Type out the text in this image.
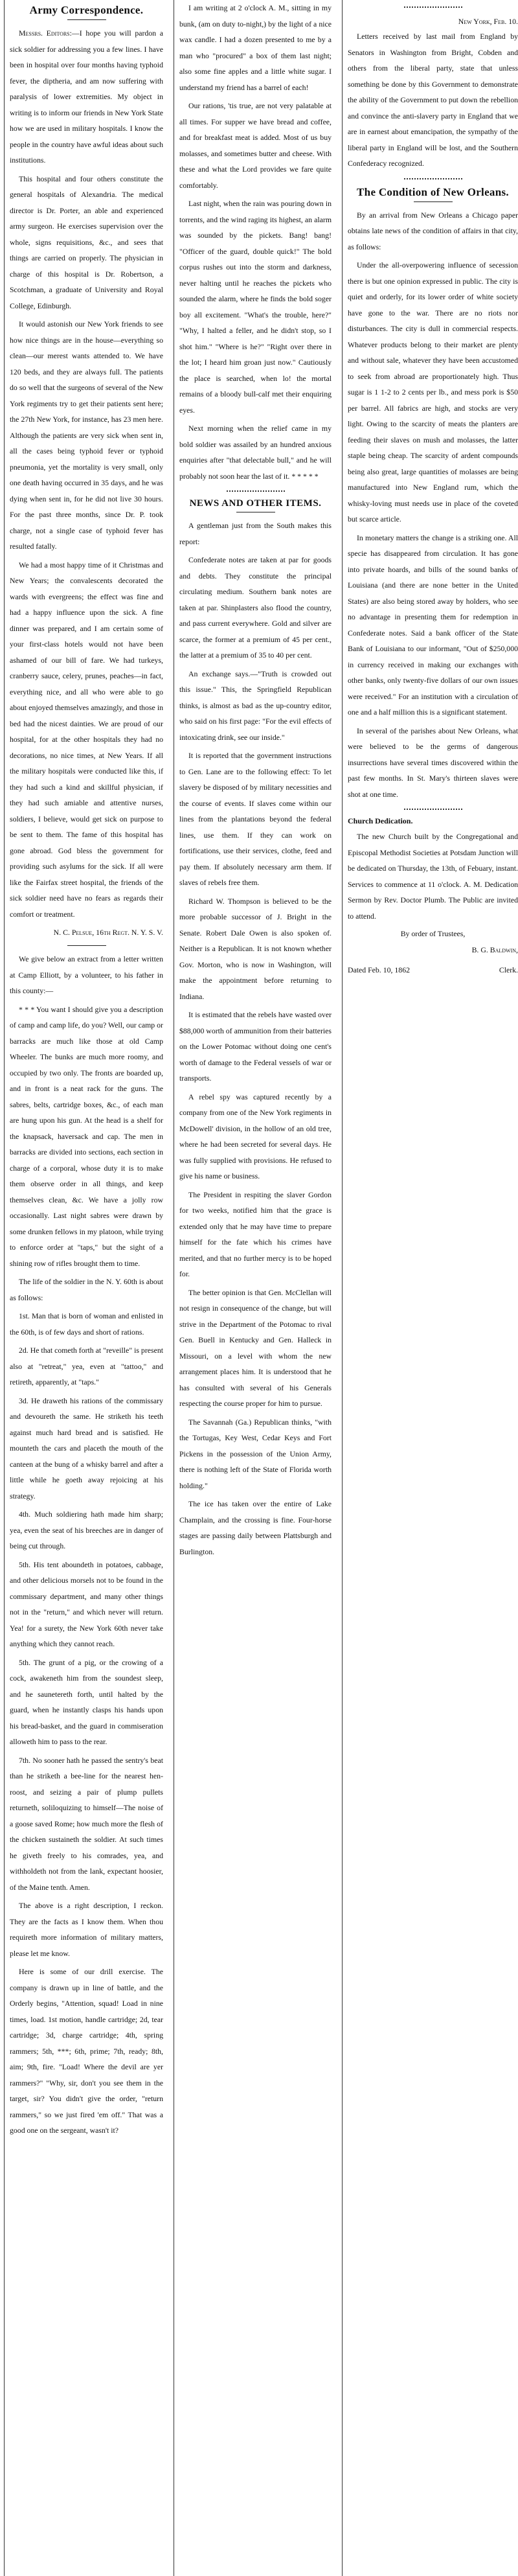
Army Correspondence.

Messrs. Editors:—I hope you will pardon a sick soldier for addressing you a few lines. I have been in hospital over four months having typhoid fever, the diptheria, and am now suffering with paralysis of lower extremities. My object in writing is to inform our friends in New York State how we are used in military hospitals. I know the people in the country have awful ideas about such institutions.

This hospital and four others constitute the general hospitals of Alexandria. The medical director is Dr. Porter, an able and experienced army surgeon. He exercises supervision over the whole, signs requisitions, &c., and sees that things are carried on properly. The physician in charge of this hospital is Dr. Robertson, a Scotchman, a graduate of University and Royal College, Edinburgh.

It would astonish our New York friends to see how nice things are in the house—everything so clean—our merest wants attended to. We have 120 beds, and they are always full. The patients do so well that the surgeons of several of the New York regiments try to get their patients sent here; the 27th New York, for instance, has 23 men here. Although the patients are very sick when sent in, all the cases being typhoid fever or typhoid pneumonia, yet the mortality is very small, only one death having occurred in 35 days, and he was dying when sent in, for he did not live 30 hours. For the past three months, since Dr. P. took charge, not a single case of typhoid fever has resulted fatally.

We had a most happy time of it Christmas and New Years; the convalescents decorated the wards with evergreens; the effect was fine and had a happy influence upon the sick. A fine dinner was prepared, and I am certain some of your first-class hotels would not have been ashamed of our bill of fare. We had turkeys, cranberry sauce, celery, prunes, peaches—in fact, everything nice, and all who were able to go about enjoyed themselves amazingly, and those in bed had the nicest dainties. We are proud of our hospital, for at the other hospitals they had no decorations, no nice times, at New Years. If all the military hospitals were conducted like this, if they had such a kind and skillful physician, if they had such amiable and attentive nurses, soldiers, I believe, would get sick on purpose to be sent to them. The fame of this hospital has gone abroad. God bless the government for providing such asylums for the sick. If all were like the Fairfax street hospital, the friends of the sick soldier need have no fears as regards their comfort or treatment.

N. C. Pelsue, 16th Regt. N. Y. S. V.

We give below an extract from a letter written at Camp Elliott, by a volunteer, to his father in this county:—

* * * You want I should give you a description of camp and camp life, do you? Well, our camp or barracks are much like those at old Camp Wheeler. The bunks are much more roomy, and occupied by two only. The fronts are boarded up, and in front is a neat rack for the guns. The sabres, belts, cartridge boxes, &c., of each man are hung upon his gun. At the head is a shelf for the knapsack, haversack and cap. The men in barracks are divided into sections, each section in charge of a corporal, whose duty it is to make them observe order in all things, and keep themselves clean, &c. We have a jolly row occasionally. Last night sabres were drawn by some drunken fellows in my platoon, while trying to enforce order at "taps," but the sight of a shining row of rifles brought them to time.

The life of the soldier in the N. Y. 60th is about as follows:

1st. Man that is born of woman and enlisted in the 60th, is of few days and short of rations.

2d. He that cometh forth at "reveille" is present also at "retreat," yea, even at "tattoo," and retireth, apparently, at "taps."

3d. He draweth his rations of the commissary and devoureth the same. He striketh his teeth against much hard bread and is satisfied. He mounteth the cars and placeth the mouth of the canteen at the bung of a whisky barrel and after a little while he goeth away rejoicing at his strategy.

4th. Much soldiering hath made him sharp; yea, even the seat of his breeches are in danger of being cut through.

5th. His tent aboundeth in potatoes, cabbage, and other delicious morsels not to be found in the commissary department, and many other things not in the "return," and which never will return. Yea! for a surety, the New York 60th never take anything which they cannot reach.

5th. The grunt of a pig, or the crowing of a cock, awakeneth him from the soundest sleep, and he saunetereth forth, until halted by the guard, when he instantly clasps his hands upon his bread-basket, and the guard in commiseration alloweth him to pass to the rear.

7th. No sooner hath he passed the sentry's beat than he striketh a bee-line for the nearest hen-roost, and seizing a pair of plump pullets returneth, soliloquizing to himself—The noise of a goose saved Rome; how much more the flesh of the chicken sustaineth the soldier. At such times he giveth freely to his comrades, yea, and withholdeth not from the lank, expectant hoosier, of the Maine tenth. Amen.

The above is a right description, I reckon. They are the facts as I know them. When thou requireth more information of military matters, please let me know.

Here is some of our drill exercise. The company is drawn up in line of battle, and the Orderly begins, "Attention, squad! Load in nine times, load. 1st motion, handle cartridge; 2d, tear cartridge; 3d, charge cartridge; 4th, spring rammers; 5th, ***; 6th, prime; 7th, ready; 8th, aim; 9th, fire. "Load! Where the devil are yer rammers?" "Why, sir, don't you see them in the target, sir? You didn't give the order, "return rammers," so we just fired 'em off." That was a good one on the sergeant, wasn't it?

I am writing at 2 o'clock A. M., sitting in my bunk, (am on duty to-night,) by the light of a nice wax candle. I had a dozen presented to me by a man who "procured" a box of them last night; also some fine apples and a little white sugar. I understand my friend has a barrel of each!

Our rations, 'tis true, are not very palatable at all times. For supper we have bread and coffee, and for breakfast meat is added. Most of us buy molasses, and sometimes butter and cheese. With these and what the Lord provides we fare quite comfortably.

Last night, when the rain was pouring down in torrents, and the wind raging its highest, an alarm was sounded by the pickets. Bang! bang! "Officer of the guard, double quick!" The bold corpus rushes out into the storm and darkness, never halting until he reaches the pickets who sounded the alarm, where he finds the bold soger boy all excitement. "What's the trouble, here?" "Why, I halted a feller, and he didn't stop, so I shot him." "Where is he?" "Right over there in the lot; I heard him groan just now." Cautiously the place is searched, when lo! the mortal remains of a bloody bull-calf met their enquiring eyes.

Next morning when the relief came in my bold soldier was assailed by an hundred anxious enquiries after "that delectable bull," and he will probably not soon hear the last of it. * * * * *

NEWS AND OTHER ITEMS.

A gentleman just from the South makes this report:

Confederate notes are taken at par for goods and debts. They constitute the principal circulating medium. Southern bank notes are taken at par. Shinplasters also flood the country, and pass current everywhere. Gold and silver are scarce, the former at a premium of 45 per cent., the latter at a premium of 35 to 40 per cent.

An exchange says.—"Truth is crowded out this issue." This, the Springfield Republican thinks, is almost as bad as the up-country editor, who said on his first page: "For the evil effects of intoxicating drink, see our inside."

It is reported that the government instructions to Gen. Lane are to the following effect: To let slavery be disposed of by military necessities and the course of events. If slaves come within our lines from the plantations beyond the federal lines, use them. If they can work on fortifications, use their services, clothe, feed and pay them. If absolutely necessary arm them. If slaves of rebels free them.

Richard W. Thompson is believed to be the more probable successor of J. Bright in the Senate. Robert Dale Owen is also spoken of. Neither is a Republican. It is not known whether Gov. Morton, who is now in Washington, will make the appointment before returning to Indiana.

It is estimated that the rebels have wasted over $88,000 worth of ammunition from their batteries on the Lower Potomac without doing one cent's worth of damage to the Federal vessels of war or transports.

A rebel spy was captured recently by a company from one of the New York regiments in McDowell' division, in the hollow of an old tree, where he had been secreted for several days. He was fully supplied with provisions. He refused to give his name or business.

The President in respiting the slaver Gordon for two weeks, notified him that the grace is extended only that he may have time to prepare himself for the fate which his crimes have merited, and that no further mercy is to be hoped for.

The better opinion is that Gen. McClellan will not resign in consequence of the change, but will strive in the Department of the Potomac to rival Gen. Buell in Kentucky and Gen. Halleck in Missouri, on a level with whom the new arrangement places him. It is understood that he has consulted with several of his Generals respecting the course proper for him to pursue.

The Savannah (Ga.) Republican thinks, "with the Tortugas, Key West, Cedar Keys and Fort Pickens in the possession of the Union Army, there is nothing left of the State of Florida worth holding."

The ice has taken over the entire of Lake Champlain, and the crossing is fine. Four-horse stages are passing daily between Plattsburgh and Burlington.

New York, Feb. 10.

Letters received by last mail from England by Senators in Washington from Bright, Cobden and others from the liberal party, state that unless something be done by this Government to demonstrate the ability of the Government to put down the rebellion and convince the anti-slavery party in England that we are in earnest about emancipation, the sympathy of the liberal party in England will be lost, and the Southern Confederacy recognized.

The Condition of New Orleans.

By an arrival from New Orleans a Chicago paper obtains late news of the condition of affairs in that city, as follows:

Under the all-overpowering influence of secession there is but one opinion expressed in public. The city is quiet and orderly, for its lower order of white society have gone to the war. There are no riots nor disturbances. The city is dull in commercial respects. Whatever products belong to their market are plenty and without sale, whatever they have been accustomed to seek from abroad are proportionately high. Thus sugar is 1 1-2 to 2 cents per lb., and mess pork is $50 per barrel. All fabrics are high, and stocks are very light. Owing to the scarcity of meats the planters are feeding their slaves on mush and molasses, the latter staple being cheap. The scarcity of ardent compounds being also great, large quantities of molasses are being manufactured into New England rum, which the whisky-loving must needs use in place of the coveted but scarce article.

In monetary matters the change is a striking one. All specie has disappeared from circulation. It has gone into private hoards, and bills of the sound banks of Louisiana (and there are none better in the United States) are also being stored away by holders, who see no advantage in presenting them for redemption in Confederate notes. Said a bank officer of the State Bank of Louisiana to our informant, "Out of $250,000 in currency received in making our exchanges with other banks, only twenty-five dollars of our own issues were received." For an institution with a circulation of one and a half million this is a significant statement.

In several of the parishes about New Orleans, what were believed to be the germs of dangerous insurrections have several times discovered within the past few months. In St. Mary's thirteen slaves were shot at one time.

Church Dedication.

The new Church built by the Congregational and Episcopal Methodist Societies at Potsdam Junction will be dedicated on Thursday, the 13th, of Febuary, instant. Services to commence at 11 o'clock. A. M. Dedication Sermon by Rev. Doctor Plumb. The Public are invited to attend.

By order of Trustees,
B. G. Baldwin,
Dated Feb. 10, 1862	Clerk.
